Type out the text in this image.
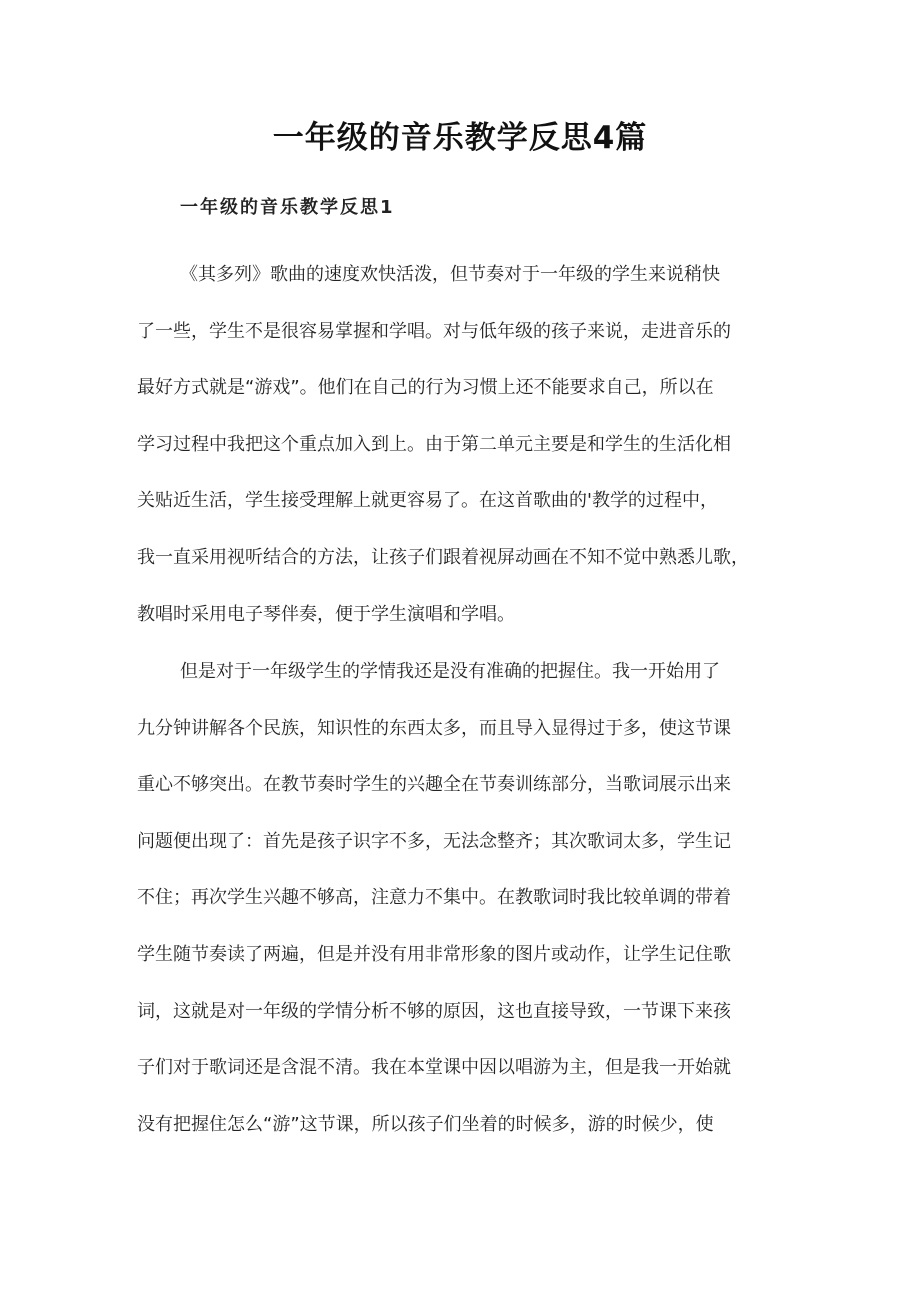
一年级的音乐教学反思4篇
一年级的音乐教学反思1

《其多列》歌曲的速度欢快活泼，但节奏对于一年级的学生来说稍快
了一些，学生不是很容易掌握和学唱。对与低年级的孩子来说，走进音乐的
最好方式就是“游戏”。他们在自己的行为习惯上还不能要求自己，所以在
学习过程中我把这个重点加入到上。由于第二单元主要是和学生的生活化相
关贴近生活，学生接受理解上就更容易了。在这首歌曲的'教学的过程中，
我一直采用视听结合的方法，让孩子们跟着视屏动画在不知不觉中熟悉儿歌，
教唱时采用电子琴伴奏，便于学生演唱和学唱。

但是对于一年级学生的学情我还是没有准确的把握住。我一开始用了
九分钟讲解各个民族，知识性的东西太多，而且导入显得过于多，使这节课
重心不够突出。在教节奏时学生的兴趣全在节奏训练部分，当歌词展示出来
问题便出现了：首先是孩子识字不多，无法念整齐；其次歌词太多，学生记
不住；再次学生兴趣不够高，注意力不集中。在教歌词时我比较单调的带着
学生随节奏读了两遍，但是并没有用非常形象的图片或动作，让学生记住歌
词，这就是对一年级的学情分析不够的原因，这也直接导致，一节课下来孩
子们对于歌词还是含混不清。我在本堂课中因以唱游为主，但是我一开始就
没有把握住怎么“游”这节课，所以孩子们坐着的时候多，游的时候少，使
